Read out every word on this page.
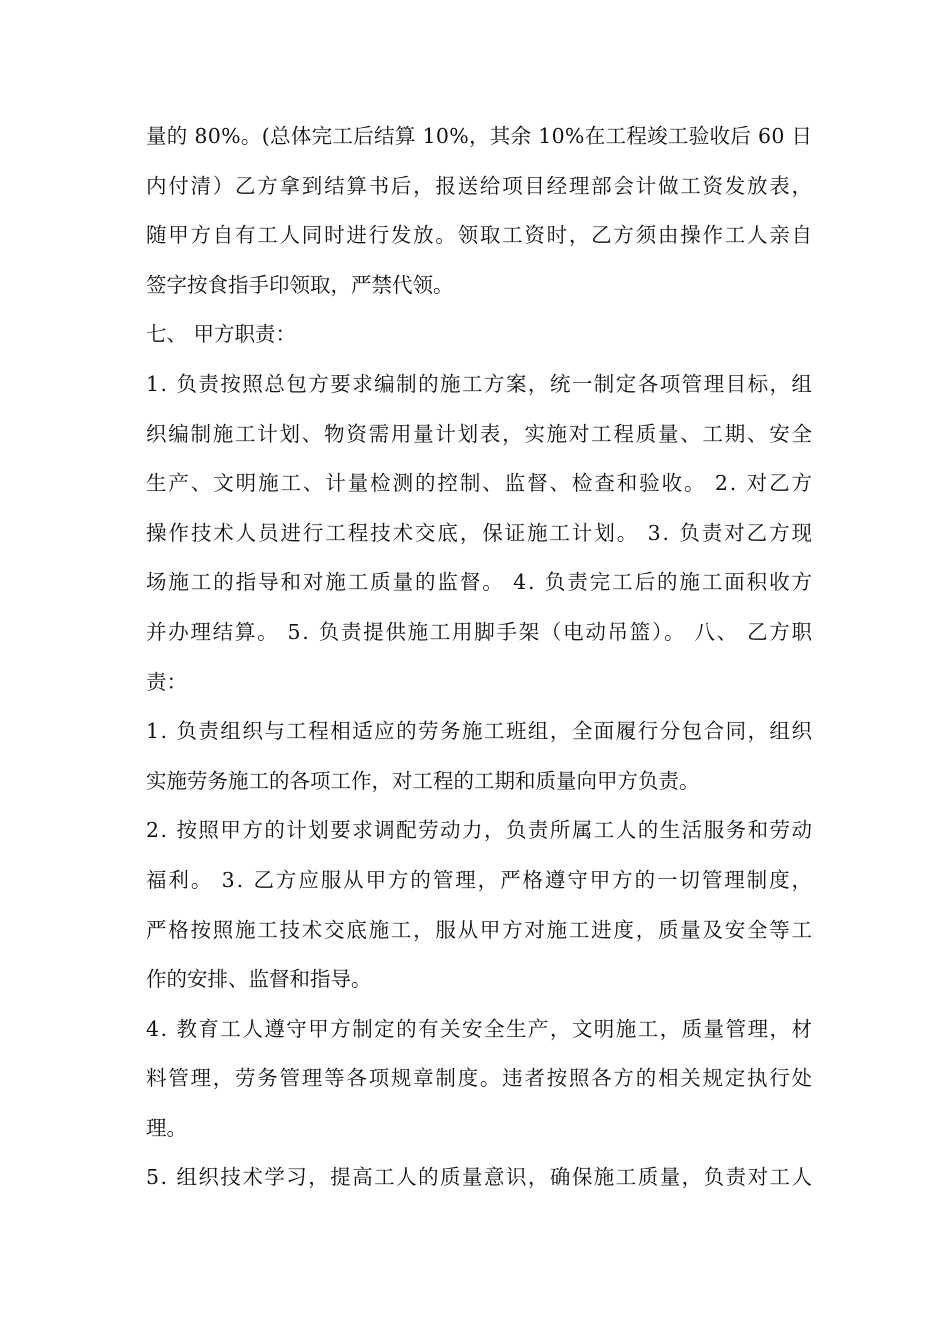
量的 80%。(总体完工后结算 10%，其余 10%在工程竣工验收后 60 日
内付清）乙方拿到结算书后，报送给项目经理部会计做工资发放表，
随甲方自有工人同时进行发放。领取工资时，乙方须由操作工人亲自
签字按食指手印领取，严禁代领。
七、 甲方职责：
1. 负责按照总包方要求编制的施工方案，统一制定各项管理目标，组
织编制施工计划、物资需用量计划表，实施对工程质量、工期、安全
生产、文明施工、计量检测的控制、监督、检查和验收。 2. 对乙方
操作技术人员进行工程技术交底，保证施工计划。 3. 负责对乙方现
场施工的指导和对施工质量的监督。 4. 负责完工后的施工面积收方
并办理结算。 5. 负责提供施工用脚手架（电动吊篮）。 八、 乙方职
责：
1. 负责组织与工程相适应的劳务施工班组，全面履行分包合同，组织
实施劳务施工的各项工作，对工程的工期和质量向甲方负责。
2. 按照甲方的计划要求调配劳动力，负责所属工人的生活服务和劳动
福利。 3. 乙方应服从甲方的管理，严格遵守甲方的一切管理制度，
严格按照施工技术交底施工，服从甲方对施工进度，质量及安全等工
作的安排、监督和指导。
4. 教育工人遵守甲方制定的有关安全生产，文明施工，质量管理，材
料管理，劳务管理等各项规章制度。违者按照各方的相关规定执行处
理。
5. 组织技术学习，提高工人的质量意识，确保施工质量，负责对工人
